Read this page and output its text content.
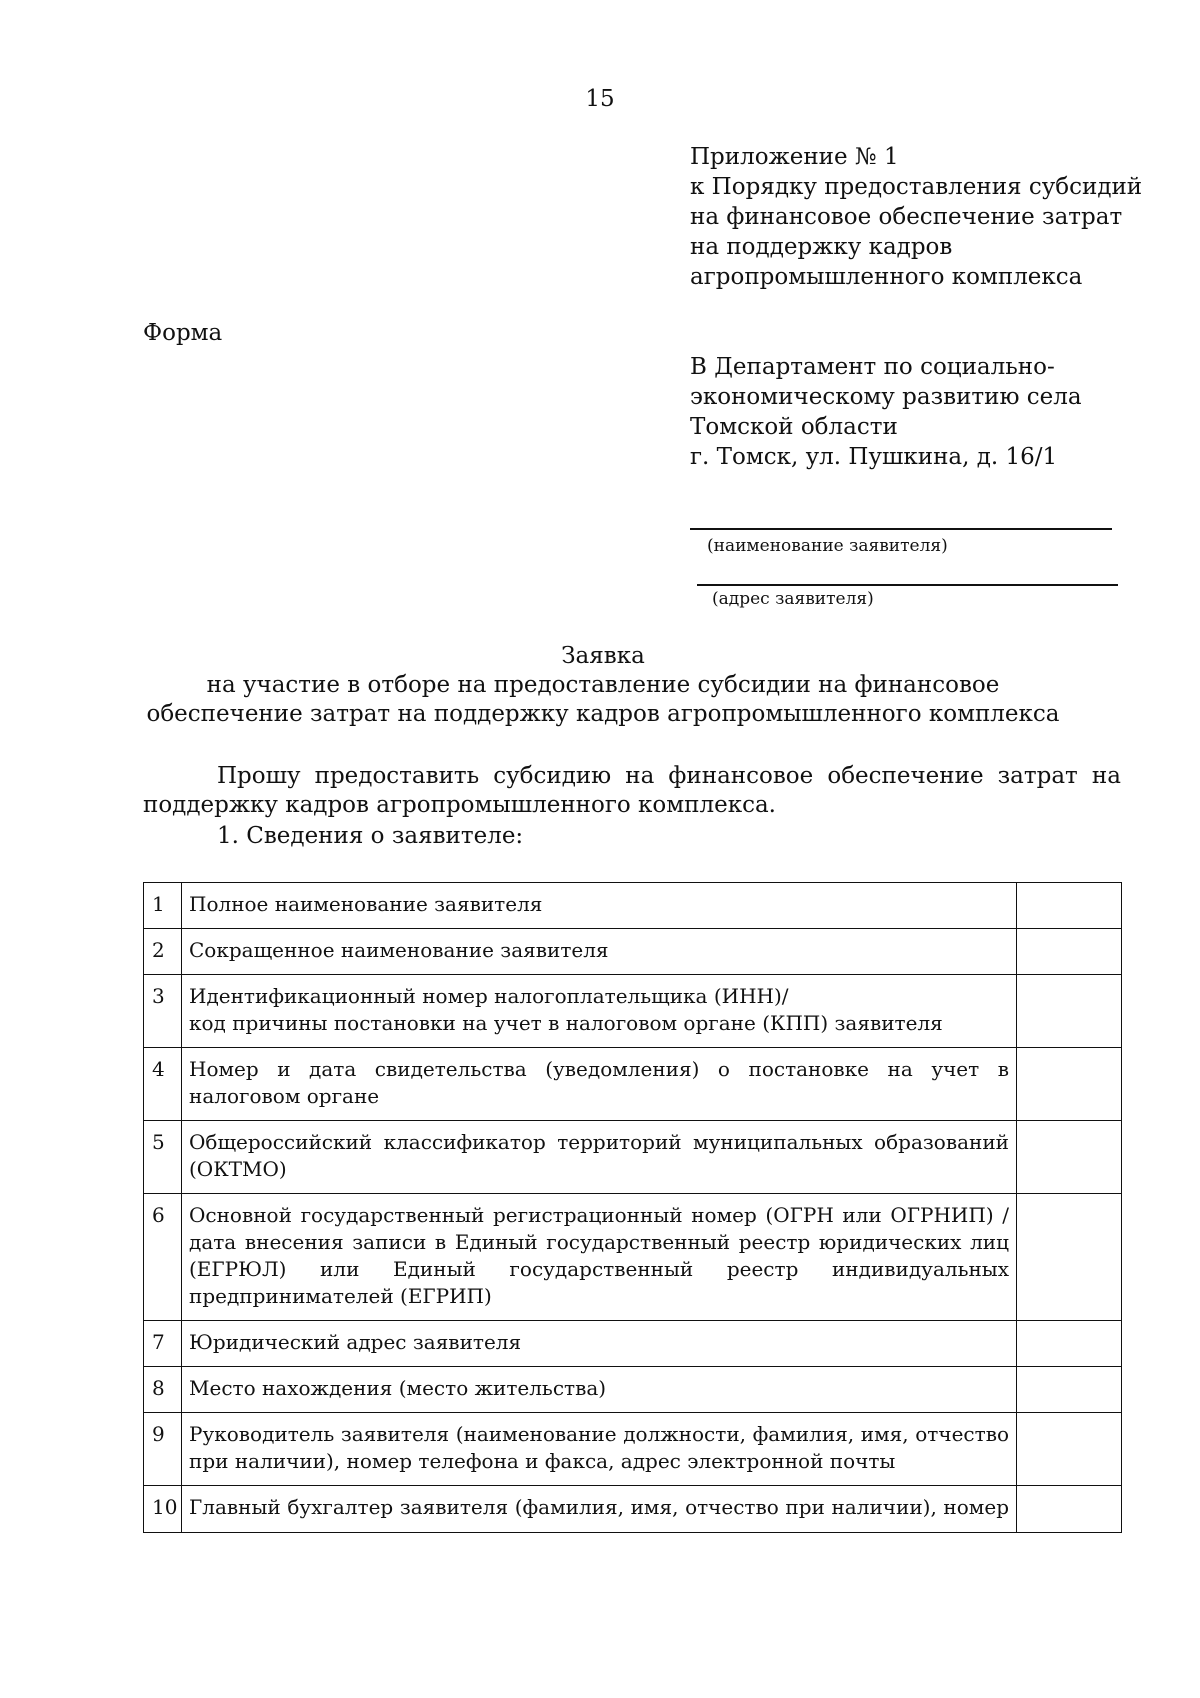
15
Приложение № 1
к Порядку предоставления субсидий
на финансовое обеспечение затрат
на поддержку кадров
агропромышленного комплекса
Форма
В Департамент по социально-
экономическому развитию села
Томской области
г. Томск, ул. Пушкина, д. 16/1
(наименование заявителя)
(адрес заявителя)
Заявка
на участие в отборе на предоставление субсидии на финансовое
обеспечение затрат на поддержку кадров агропромышленного комплекса
Прошу предоставить субсидию на финансовое обеспечение затрат на
поддержку кадров агропромышленного комплекса.
1. Сведения о заявителе:
1	Полное наименование заявителя	
2	Сокращенное наименование заявителя	
3	Идентификационный номер налогоплательщика (ИНН)/
код причины постановки на учет в налоговом органе (КПП) заявителя	

4	Номер и дата свидетельства (уведомления) о постановке на учет в налоговом органе	
5	Общероссийский классификатор территорий муниципальных образований (ОКТМО)	
6	Основной государственный регистрационный номер (ОГРН или ОГРНИП) / дата внесения записи в Единый государственный реестр юридических лиц (ЕГРЮЛ) или Единый государственный реестр индивидуальных предпринимателей (ЕГРИП)	
7	Юридический адрес заявителя	
8	Место нахождения (место жительства)	
9	Руководитель заявителя (наименование должности, фамилия, имя, отчество при наличии), номер телефона и факса, адрес электронной почты	
10	Главный бухгалтер заявителя (фамилия, имя, отчество при наличии), номер	
